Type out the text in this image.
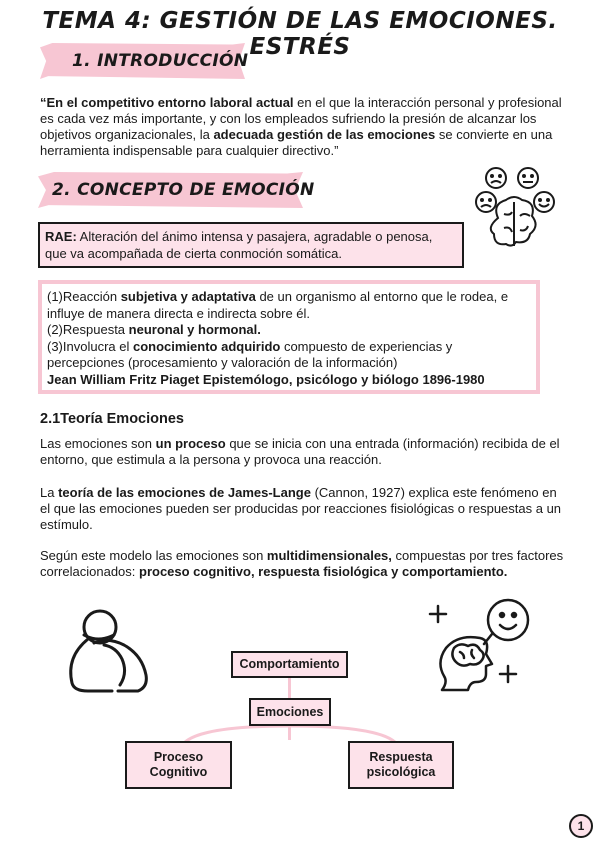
TEMA 4: GESTIÓN DE LAS EMOCIONES. ESTRÉS
1. INTRODUCCIÓN
“En el competitivo entorno laboral actual en el que la interacción personal y profesional es cada vez más importante, y con los empleados sufriendo la presión de alcanzar los objetivos organizacionales, la adecuada gestión de las emociones se convierte en una herramienta indispensable para cualquier directivo.”
2. CONCEPTO DE EMOCIÓN
RAE: Alteración del ánimo intensa y pasajera, agradable o penosa, que va acompañada de cierta conmoción somática.
(1)Reacción subjetiva y adaptativa de un organismo al entorno que le rodea, e influye de manera directa e indirecta sobre él.
(2)Respuesta neuronal y hormonal.
(3)Involucra el conocimiento adquirido compuesto de experiencias y percepciones (procesamiento y valoración de la información)
Jean William Fritz Piaget Epistemólogo, psicólogo y biólogo 1896-1980
2.1Teoría Emociones
Las emociones son un proceso que se inicia con una entrada (información) recibida de el entorno, que estimula a la persona y provoca una reacción.
La teoría de las emociones de James-Lange (Cannon, 1927) explica este fenómeno en el que las emociones pueden ser producidas por reacciones fisiológicas o respuestas a un estímulo.
Según este modelo las emociones son multidimensionales, compuestas por tres factores correlacionados: proceso cognitivo, respuesta fisiológica y comportamiento.
Comportamiento
Emociones
Proceso
Cognitivo
Respuesta
psicológica
1
